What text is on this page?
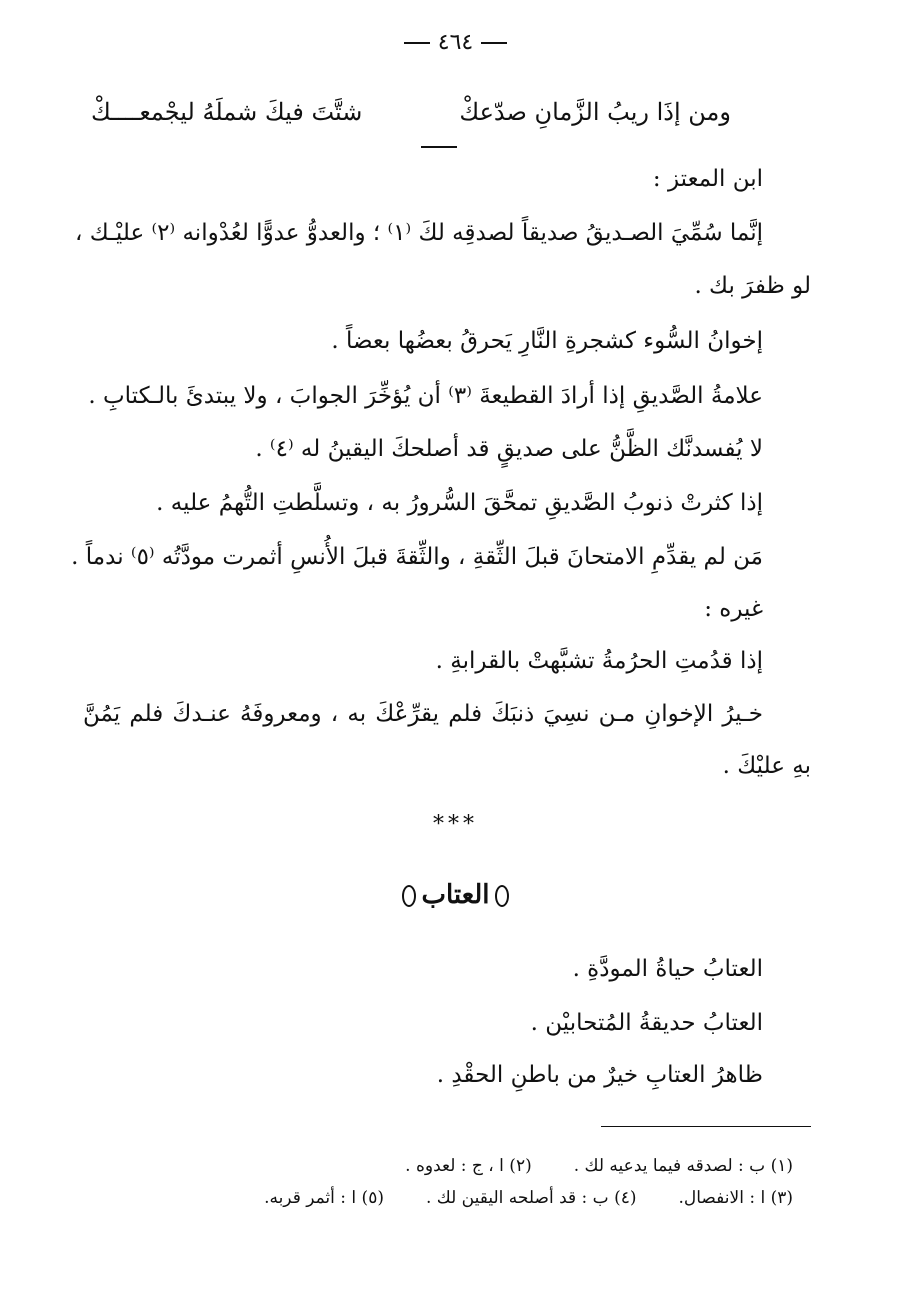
٤٦٤
ومن إذَا ريبُ الزَّمانِ صدّعكْ
شتَّتَ فيكَ شملَهُ ليجْمعــــكْ
ابن المعتز :
إنَّما سُمِّيَ الصـديقُ صديقاً لصدقِه لكَ ⁽١⁾ ؛ والعدوُّ عدوًّا لعُدْوانه ⁽٢⁾ عليْـك ،
لو ظفرَ بك .
إخوانُ السُّوء كشجرةِ النَّارِ يَحرقُ بعضُها بعضاً .
علامةُ الصَّديقِ إذا أرادَ القطيعةَ ⁽٣⁾ أن يُؤخِّرَ الجوابَ ، ولا يبتدئَ بالـكتابِ .
لا يُفسدنَّك الظَّنُّ على صديقٍ قد أصلحكَ اليقينُ له ⁽٤⁾ .
إذا كثرتْ ذنوبُ الصَّديقِ تمحَّقَ السُّرورُ به ، وتسلَّطتِ التُّهمُ عليه .
مَن لم يقدِّمِ الامتحانَ قبلَ الثِّقةِ ، والثِّقةَ قبلَ الأُنسِ أثمرت مودَّتُه ⁽٥⁾ ندماً .
غيره :
إذا قدُمتِ الحرُمةُ تشبَّهتْ بالقرابةِ .
خـيرُ الإخوانِ مـن نسِيَ ذنبَكَ فلم يقرِّعْكَ به ، ومعروفَهُ عنـدكَ فلم يَمُنَّ
بهِ عليْكَ .
***
العتاب
العتابُ حياةُ المودَّةِ .
العتابُ حديقةُ المُتحابيْن .
ظاهرُ العتابِ خيرٌ من باطنِ الحقْدِ .
(١) ب : لصدقه فيما يدعيه لك .(٢) ا ، ج : لعدوه .
(٣) ا : الانفصال.(٤) ب : قد أصلحه اليقين لك .(٥) ا : أثمر قربه.
